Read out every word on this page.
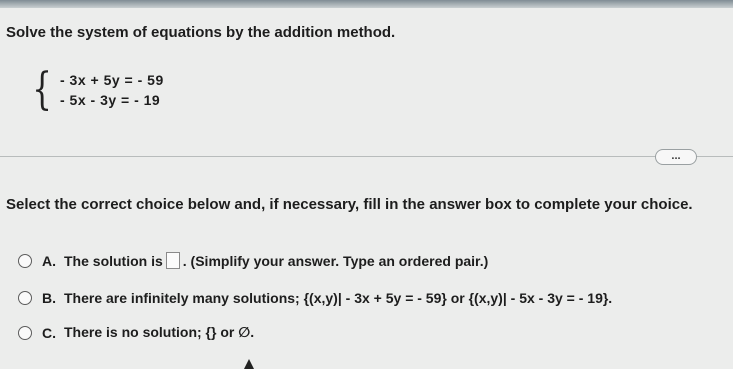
Solve the system of equations by the addition method.
{ - 3x + 5y = - 59
- 5x - 3y = - 19
...
Select the correct choice below and, if necessary, fill in the answer box to complete your choice.
A. The solution is . (Simplify your answer. Type an ordered pair.)
B. There are infinitely many solutions; {(x,y)| - 3x + 5y = - 59} or {(x,y)| - 5x - 3y = - 19}.
C. There is no solution; {} or ∅.
